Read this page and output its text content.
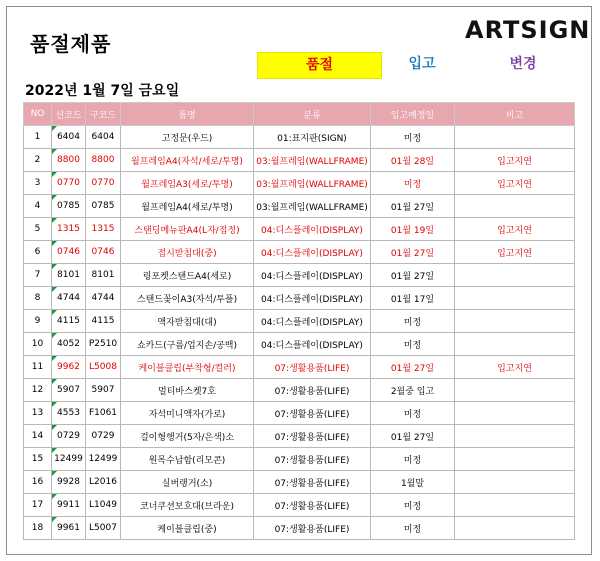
품절제품	ARTSIGN
품절	입고	변경
2022년 1월 7일 금요일
NO	신코드	구코드	품명	분류	입고예정일	비고
1	6404	6404	고정문(우드)	01:표지판(SIGN)	미정	
2	8800	8800	월프레임A4(자석/세로/투명)	03:월프레임(WALLFRAME)	01월 28일	입고지연
3	0770	0770	월프레임A3(세로/투명)	03:월프레임(WALLFRAME)	미정	입고지연
4	0785	0785	월프레임A4(세로/투명)	03:월프레임(WALLFRAME)	01월 27일	
5	1315	1315	스탠딩메뉴판A4(L자/접정)	04:디스플레이(DISPLAY)	01월 19일	입고지연
6	0746	0746	접시받침대(중)	04:디스플레이(DISPLAY)	01월 27일	입고지연
7	8101	8101	링포켓스탠드A4(세로)	04:디스플레이(DISPLAY)	01월 27일	
8	4744	4744	스탠드꽂이A3(자석/투플)	04:디스플레이(DISPLAY)	01월 17일	
9	4115	4115	액자받침대(대)	04:디스플레이(DISPLAY)	미정	
10	4052	P2510	쇼카드(구름/업지손/공백)	04:디스플레이(DISPLAY)	미정	
11	9962	L5008	케이블클립(부착형/컬러)	07:생활용품(LIFE)	01월 27일	입고지연
12	5907	5907	멀티바스켓7호	07:생활용품(LIFE)	2월중 입고	
13	4553	F1061	자석미니액자(가로)	07:생활용품(LIFE)	미정	
14	0729	0729	걸이형행거(5자/은색)소	07:생활용품(LIFE)	01월 27일	
15	12499	12499	원목수납함(리모콘)	07:생활용품(LIFE)	미정	
16	9928	L2016	실버랭거(소)	07:생활용품(LIFE)	1월말	
17	9911	L1049	코너쿠션보호대(브라운)	07:생활용품(LIFE)	미정	
18	9961	L5007	케이블클립(중)	07:생활용품(LIFE)	미정	
